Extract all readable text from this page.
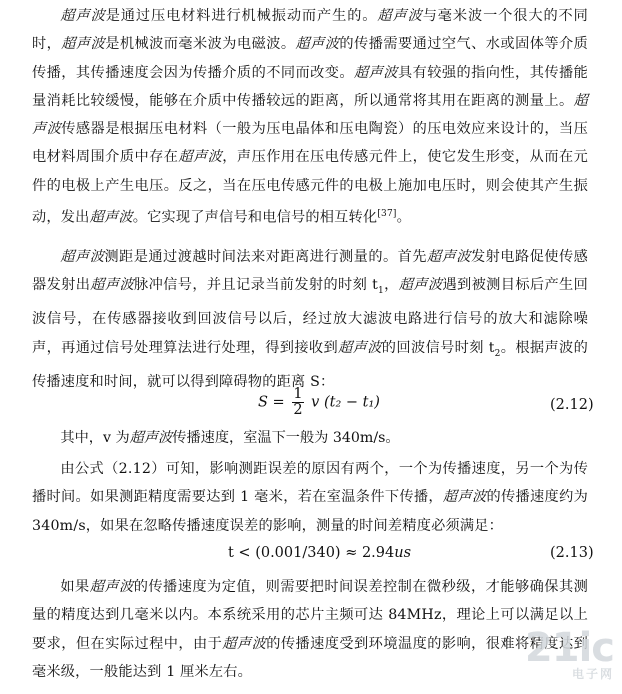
超声波是通过压电材料进行机械振动而产生的。超声波与毫米波一个很大的不同时，超声波是机械波而毫米波为电磁波。超声波的传播需要通过空气、水或固体等介质传播，其传播速度会因为传播介质的不同而改变。超声波具有较强的指向性，其传播能量消耗比较缓慢，能够在介质中传播较远的距离，所以通常将其用在距离的测量上。超声波传感器是根据压电材料（一般为压电晶体和压电陶瓷）的压电效应来设计的，当压电材料周围介质中存在超声波，声压作用在压电传感元件上，使它发生形变，从而在元件的电极上产生电压。反之，当在压电传感元件的电极上施加电压时，则会使其产生振动，发出超声波。它实现了声信号和电信号的相互转化[37]。

超声波测距是通过渡越时间法来对距离进行测量的。首先超声波发射电路促使传感器发射出超声波脉冲信号，并且记录当前发射的时刻 $t_1$，超声波遇到被测目标后产生回波信号，在传感器接收到回波信号以后，经过放大滤波电路进行信号的放大和滤除噪声，再通过信号处理算法进行处理，得到接收到超声波的回波信号时刻 $t_2$。根据声波的传播速度和时间，就可以得到障碍物的距离 S：

$S = \frac{1}{2}$ v (t₂ − t₁)	(2.12)
其中，v 为超声波传播速度，室温下一般为 340m/s。

由公式（2.12）可知，影响测距误差的原因有两个，一个为传播速度，另一个为传播时间。如果测距精度需要达到 1 毫米，若在室温条件下传播，超声波的传播速度约为 340m/s，如果在忽略传播速度误差的影响，测量的时间差精度必须满足：

t < (0.001/340) ≈ 2.94us	(2.13)

如果超声波的传播速度为定值，则需要把时间误差控制在微秒级，才能够确保其测量的精度达到几毫米以内。本系统采用的芯片主频可达 84MHz，理论上可以满足以上要求，但在实际过程中，由于超声波的传播速度受到环境温度的影响，很难将精度达到毫米级，一般能达到 1 厘米左右。

21ic
电子网
